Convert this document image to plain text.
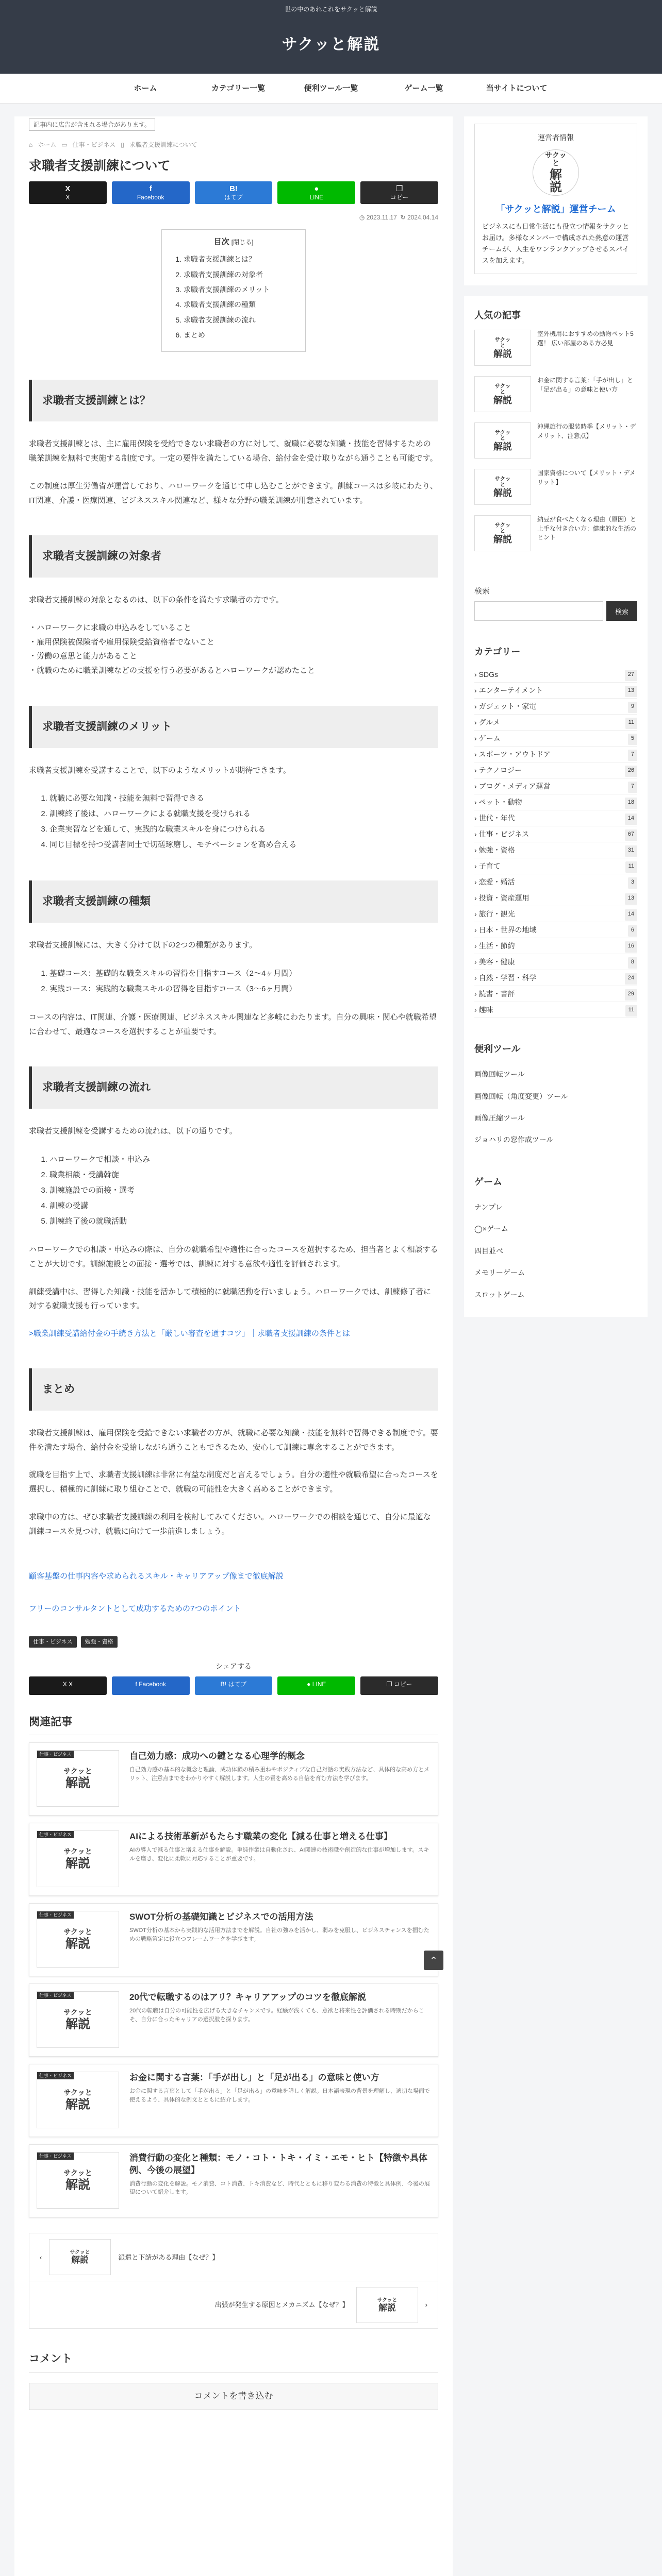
世の中のあれこれをサクッと解説
サクッと解説
ホーム	カテゴリー一覧	便利ツール一覧	ゲーム一覧	当サイトについて
記事内に広告が含まれる場合があります。
⌂ ホーム ▭ 仕事・ビジネス ▯ 求職者支援訓練について
求職者支援訓練について
X
X
f
Facebook
B!
はてブ
●
LINE
❐
コピー
◷ 2023.11.17 ↻ 2024.04.14
目次 [閉じる]
1. 求職者支援訓練とは？
2. 求職者支援訓練の対象者
3. 求職者支援訓練のメリット
4. 求職者支援訓練の種類
5. 求職者支援訓練の流れ
6. まとめ
求職者支援訓練とは？

求職者支援訓練とは、主に雇用保険を受給できない求職者の方に対して、就職に必要な知識・技能を習得するための職業訓練を無料で実施する制度です。一定の要件を満たしている場合、給付金を受け取りながら通うことも可能です。

この制度は厚生労働省が運営しており、ハローワークを通じて申し込むことができます。訓練コースは多岐にわたり、IT関連、介護・医療関連、ビジネススキル関連など、様々な分野の職業訓練が用意されています。

求職者支援訓練の対象者

求職者支援訓練の対象となるのは、以下の条件を満たす求職者の方です。

・ハローワークに求職の申込みをしていること
・雇用保険被保険者や雇用保険受給資格者でないこと
・労働の意思と能力があること
・就職のために職業訓練などの支援を行う必要があるとハローワークが認めたこと
求職者支援訓練のメリット

求職者支援訓練を受講することで、以下のようなメリットが期待できます。

1. 就職に必要な知識・技能を無料で習得できる
2. 訓練終了後は、ハローワークによる就職支援を受けられる
3. 企業実習などを通して、実践的な職業スキルを身につけられる
4. 同じ目標を持つ受講者同士で切磋琢磨し、モチベーションを高め合える
求職者支援訓練の種類

求職者支援訓練には、大きく分けて以下の2つの種類があります。

1. 基礎コース：基礎的な職業スキルの習得を目指すコース（2〜4ヶ月間）
2. 実践コース：実践的な職業スキルの習得を目指すコース（3〜6ヶ月間）

コースの内容は、IT関連、介護・医療関連、ビジネススキル関連など多岐にわたります。自分の興味・関心や就職希望に合わせて、最適なコースを選択することが重要です。

求職者支援訓練の流れ

求職者支援訓練を受講するための流れは、以下の通りです。

1. ハローワークで相談・申込み
2. 職業相談・受講斡旋
3. 訓練施設での面接・選考
4. 訓練の受講
5. 訓練終了後の就職活動

ハローワークでの相談・申込みの際は、自分の就職希望や適性に合ったコースを選択するため、担当者とよく相談することが大切です。訓練施設との面接・選考では、訓練に対する意欲や適性を評価されます。

訓練受講中は、習得した知識・技能を活かして積極的に就職活動を行いましょう。ハローワークでは、訓練修了者に対する就職支援も行っています。

>職業訓練受講給付金の手続き方法と「厳しい審査を通すコツ」｜求職者支援訓練の条件とは
まとめ

求職者支援訓練は、雇用保険を受給できない求職者の方が、就職に必要な知識・技能を無料で習得できる制度です。要件を満たす場合、給付金を受給しながら通うこともできるため、安心して訓練に専念することができます。

就職を目指す上で、求職者支援訓練は非常に有益な制度だと言えるでしょう。自分の適性や就職希望に合ったコースを選択し、積極的に訓練に取り組むことで、就職の可能性を大きく高めることができます。

求職中の方は、ぜひ求職者支援訓練の利用を検討してみてください。ハローワークでの相談を通じて、自分に最適な訓練コースを見つけ、就職に向けて一歩前進しましょう。

顧客基盤の仕事内容や求められるスキル・キャリアアップ像まで徹底解説
フリーのコンサルタントとして成功するための7つのポイント
仕事・ビジネス	勉強・資格
シェアする
X X	f Facebook	B! はてブ	● LINE	❐ コピー
関連記事
仕事・ビジネス
サクッと
解説
自己効力感：成功への鍵となる心理学的概念
自己効力感の基本的な概念と理論、成功体験の積み重ねやポジティブな自己対話の実践方法など、具体的な高め方とメリット、注意点までをわかりやすく解説します。人生の質を高める自信を育む方法を学びます。
仕事・ビジネス
サクッと
解説
AIによる技術革新がもたらす職業の変化【減る仕事と増える仕事】
AIの導入で減る仕事と増える仕事を解説。単純作業は自動化され、AI関連の技術職や創造的な仕事が増加します。スキルを磨き、変化に柔軟に対応することが重要です。
仕事・ビジネス
サクッと
解説
SWOT分析の基礎知識とビジネスでの活用方法
SWOT分析の基本から実践的な活用方法までを解説。自社の強みを活かし、弱みを克服し、ビジネスチャンスを掴むための戦略策定に役立つフレームワークを学びます。
仕事・ビジネス
サクッと
解説
20代で転職するのはアリ？キャリアアップのコツを徹底解説
20代の転職は自分の可能性を広げる大きなチャンスです。経験が浅くても、意欲と将来性を評価される時期だからこそ、自分に合ったキャリアの選択肢を探ります。
仕事・ビジネス
サクッと
解説
お金に関する言葉：「手が出し」と「足が出る」の意味と使い方
お金に関する言葉として「手が出る」と「足が出る」の意味を詳しく解説。日本語表現の背景を理解し、適切な場面で使えるよう、具体的な例文とともに紹介します。
仕事・ビジネス
サクッと
解説
消費行動の変化と種類：モノ・コト・トキ・イミ・エモ・ヒト【特徴や具体例、今後の展望】
消費行動の変化を解説。モノ消費、コト消費、トキ消費など、時代とともに移り変わる消費の特徴と具体例、今後の展望について紹介します。
‹
サクッと
解説	派遣と下請がある理由【なぜ？】
出張が発生する原因とメカニズム【なぜ？】
サクッと
解説	›
コメント
コメントを書き込む
⌃
運営者情報
サクッと
解説
「サクッと解説」運営チーム
ビジネスにも日常生活にも役立つ情報をサクッとお届け。多様なメンバーで構成された熱意の運営チームが、人生をワンランクアップさせるスパイスを加えます。
人気の記事
サクッと
解説
室外機用におすすめの動物ペット5選！ 広い部屋のある方必見
サクッと
解説
お金に関する言葉：「手が出し」と「足が出る」の意味と使い方
サクッと
解説
沖縄旅行の服装時季【メリット・デメリット、注意点】
サクッと
解説
国家資格について【メリット・デメリット】
サクッと
解説
納豆が食べたくなる理由（原因）と上手な付き合い方：健康的な生活のヒント
検索
検索
カテゴリー
› SDGs	27
› エンターテイメント	13
› ガジェット・家電	9
› グルメ	11
› ゲーム	5
› スポーツ・アウトドア	7
› テクノロジー	26
› ブログ・メディア運営	7
› ペット・動物	18
› 世代・年代	14
› 仕事・ビジネス	67
› 勉強・資格	31
› 子育て	11
› 恋愛・婚活	3
› 投資・資産運用	13
› 旅行・観光	14
› 日本・世界の地域	6
› 生活・節約	16
› 美容・健康	8
› 自然・学習・科学	24
› 読書・書評	29
› 趣味	11
便利ツール
画像回転ツール
画像回転（角度変更）ツール
画像圧縮ツール
ジョハリの窓作成ツール
ゲーム
ナンプレ
◯×ゲーム
四目並べ
メモリーゲーム
スロットゲーム
